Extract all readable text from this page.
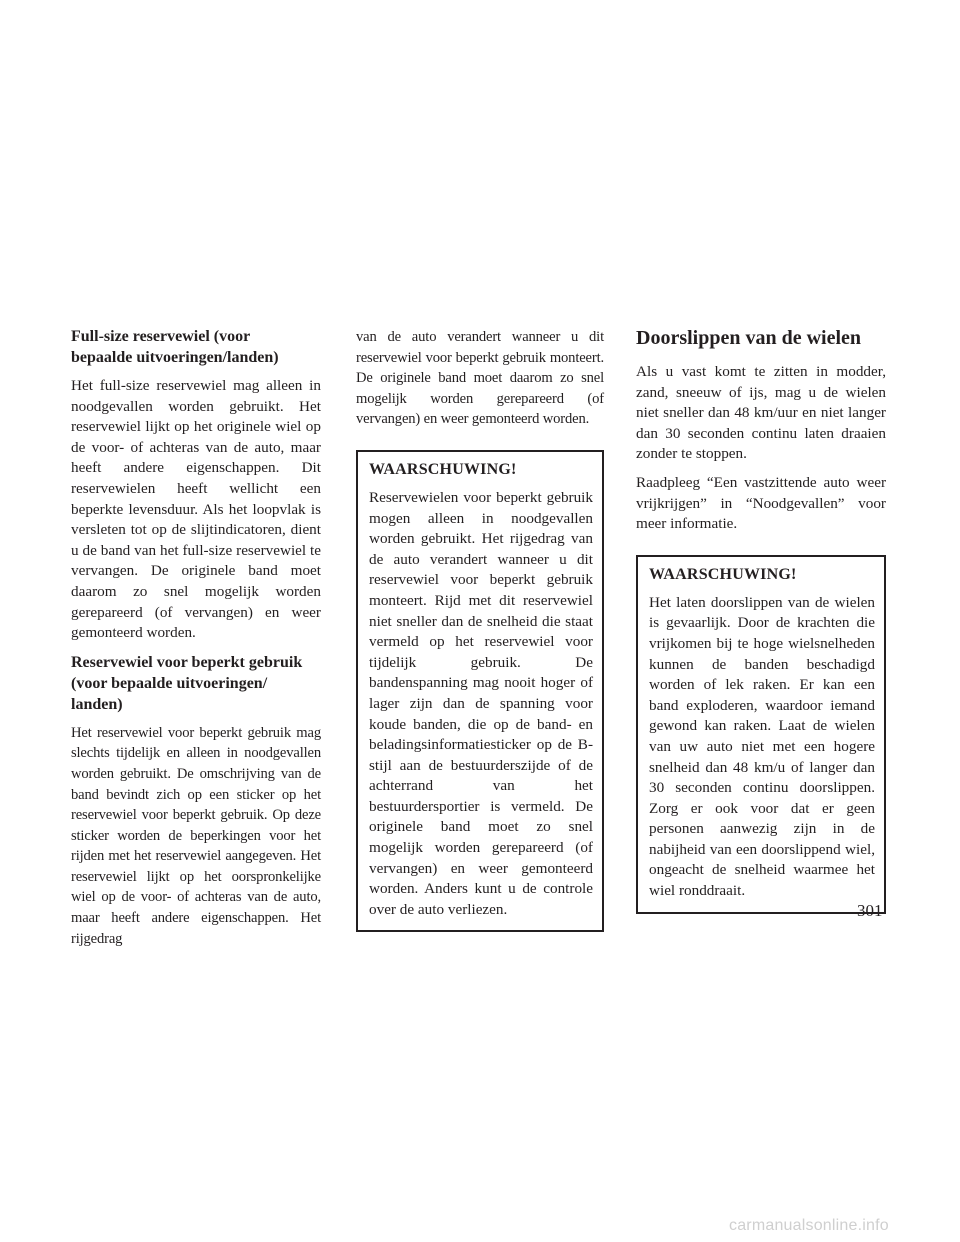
Full-size reservewiel (voor
bepaalde uitvoeringen/landen)

Het full-size reservewiel mag alleen in noodgevallen worden gebruikt. Het reservewiel lijkt op het originele wiel op de voor- of achteras van de auto, maar heeft andere eigenschappen. Dit reservewielen heeft wellicht een beperkte levensduur. Als het loopvlak is versleten tot op de slijtindicatoren, dient u de band van het full-size reservewiel te vervangen. De originele band moet daarom zo snel mogelijk worden gerepareerd (of vervangen) en weer gemonteerd worden.

Reservewiel voor beperkt gebruik
(voor bepaalde uitvoeringen/
landen)

Het reservewiel voor beperkt gebruik mag slechts tijdelijk en alleen in noodgevallen worden gebruikt. De omschrijving van de band bevindt zich op een sticker op het reservewiel voor beperkt gebruik. Op deze sticker worden de beperkingen voor het rijden met het reservewiel aangegeven. Het reservewiel lijkt op het oorspronkelijke wiel op de voor- of achteras van de auto, maar heeft andere eigenschappen. Het rijgedrag

van de auto verandert wanneer u dit reservewiel voor beperkt gebruik monteert. De originele band moet daarom zo snel mogelijk worden gerepareerd (of vervangen) en weer gemonteerd worden.

WAARSCHUWING!

Reservewielen voor beperkt gebruik mogen alleen in noodgevallen worden gebruikt. Het rijgedrag van de auto verandert wanneer u dit reservewiel voor beperkt gebruik monteert. Rijd met dit reservewiel niet sneller dan de snelheid die staat vermeld op het reservewiel voor tijdelijk gebruik. De bandenspanning mag nooit hoger of lager zijn dan de spanning voor koude banden, die op de band- en beladingsinformatiesticker op de B-stijl aan de bestuurderszijde of de achterrand van het bestuurdersportier is vermeld. De originele band moet zo snel mogelijk worden gerepareerd (of vervangen) en weer gemonteerd worden. Anders kunt u de controle over de auto verliezen.

Doorslippen van de wielen

Als u vast komt te zitten in modder, zand, sneeuw of ijs, mag u de wielen niet sneller dan 48 km/uur en niet langer dan 30 seconden continu laten draaien zonder te stoppen.

Raadpleeg “Een vastzittende auto weer vrijkrijgen” in “Noodgevallen” voor meer informatie.

WAARSCHUWING!

Het laten doorslippen van de wielen is gevaarlijk. Door de krachten die vrijkomen bij te hoge wielsnelheden kunnen de banden beschadigd worden of lek raken. Er kan een band exploderen, waardoor iemand gewond kan raken. Laat de wielen van uw auto niet met een hogere snelheid dan 48 km/u of langer dan 30 seconden continu doorslippen. Zorg er ook voor dat er geen personen aanwezig zijn in de nabijheid van een doorslippend wiel, ongeacht de snelheid waarmee het wiel ronddraait.

301
carmanualsonline.info
